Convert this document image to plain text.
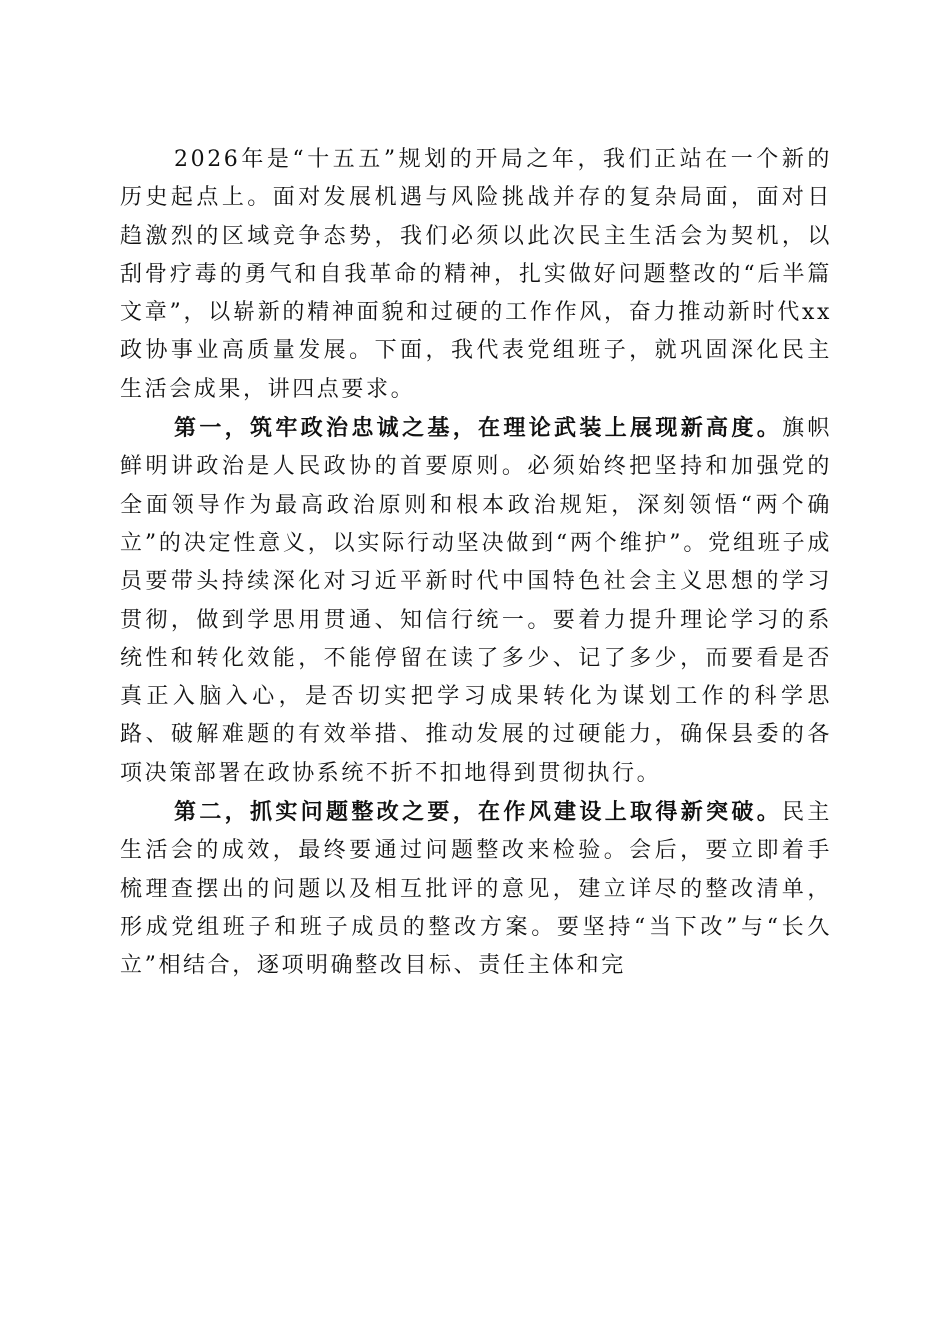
2026年是“十五五”规划的开局之年，我们正站在一个新的历史起点上。面对发展机遇与风险挑战并存的复杂局面，面对日趋激烈的区域竞争态势，我们必须以此次民主生活会为契机，以刮骨疗毒的勇气和自我革命的精神，扎实做好问题整改的“后半篇文章”，以崭新的精神面貌和过硬的工作作风，奋力推动新时代xx政协事业高质量发展。下面，我代表党组班子，就巩固深化民主生活会成果，讲四点要求。

第一，筑牢政治忠诚之基，在理论武装上展现新高度。旗帜鲜明讲政治是人民政协的首要原则。必须始终把坚持和加强党的全面领导作为最高政治原则和根本政治规矩，深刻领悟“两个确立”的决定性意义，以实际行动坚决做到“两个维护”。党组班子成员要带头持续深化对习近平新时代中国特色社会主义思想的学习贯彻，做到学思用贯通、知信行统一。要着力提升理论学习的系统性和转化效能，不能停留在读了多少、记了多少，而要看是否真正入脑入心，是否切实把学习成果转化为谋划工作的科学思路、破解难题的有效举措、推动发展的过硬能力，确保县委的各项决策部署在政协系统不折不扣地得到贯彻执行。

第二，抓实问题整改之要，在作风建设上取得新突破。民主生活会的成效，最终要通过问题整改来检验。会后，要立即着手梳理查摆出的问题以及相互批评的意见，建立详尽的整改清单，形成党组班子和班子成员的整改方案。要坚持“当下改”与“长久立”相结合，逐项明确整改目标、责任主体和完
